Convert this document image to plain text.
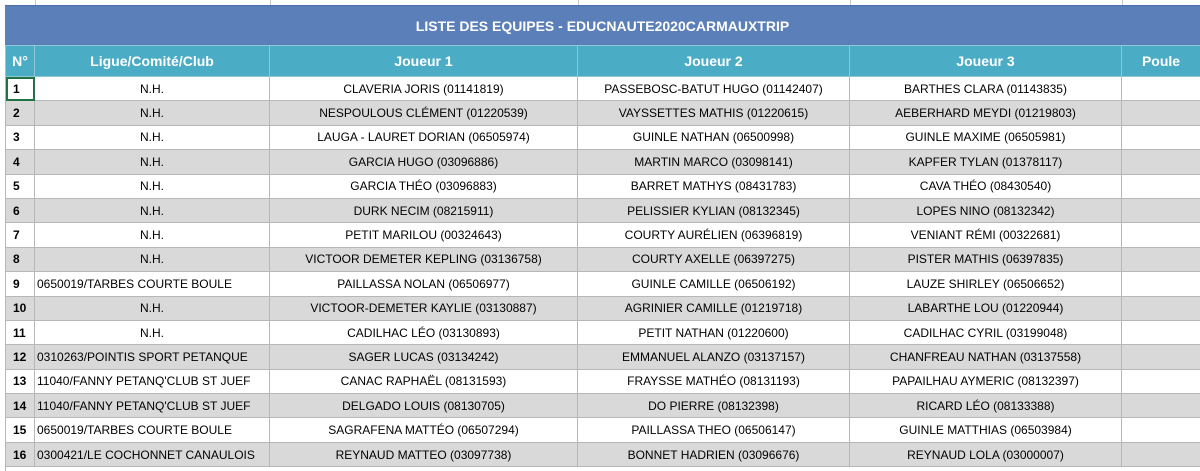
LISTE DES EQUIPES - EDUCNAUTE2020CARMAUXTRIP
N°	Ligue/Comité/Club	Joueur 1	Joueur 2	Joueur 3	Poule
1	N.H.	CLAVERIA JORIS (01141819)	PASSEBOSC-BATUT HUGO (01142407)	BARTHES CLARA (01143835)	
2	N.H.	NESPOULOUS CLÉMENT (01220539)	VAYSSETTES MATHIS (01220615)	AEBERHARD MEYDI (01219803)	
3	N.H.	LAUGA - LAURET DORIAN (06505974)	GUINLE NATHAN (06500998)	GUINLE MAXIME (06505981)	
4	N.H.	GARCIA HUGO (03096886)	MARTIN MARCO (03098141)	KAPFER TYLAN (01378117)	
5	N.H.	GARCIA THÉO (03096883)	BARRET MATHYS (08431783)	CAVA THÉO (08430540)	
6	N.H.	DURK NECIM (08215911)	PELISSIER KYLIAN (08132345)	LOPES NINO (08132342)	
7	N.H.	PETIT MARILOU (00324643)	COURTY AURÉLIEN (06396819)	VENIANT RÉMI (00322681)	
8	N.H.	VICTOOR DEMETER KEPLING (03136758)	COURTY AXELLE (06397275)	PISTER MATHIS (06397835)	
9	0650019/TARBES COURTE BOULE	PAILLASSA NOLAN (06506977)	GUINLE CAMILLE (06506192)	LAUZE SHIRLEY (06506652)	
10	N.H.	VICTOOR-DEMETER KAYLIE (03130887)	AGRINIER CAMILLE (01219718)	LABARTHE LOU (01220944)	
11	N.H.	CADILHAC LÉO (03130893)	PETIT NATHAN (01220600)	CADILHAC CYRIL (03199048)	
12	0310263/POINTIS SPORT PETANQUE	SAGER LUCAS (03134242)	EMMANUEL ALANZO (03137157)	CHANFREAU NATHAN (03137558)	
13	11040/FANNY PETANQ'CLUB ST JUEF	CANAC RAPHAËL (08131593)	FRAYSSE MATHÉO (08131193)	PAPAILHAU AYMERIC (08132397)	
14	11040/FANNY PETANQ'CLUB ST JUEF	DELGADO LOUIS (08130705)	DO PIERRE (08132398)	RICARD LÉO (08133388)	
15	0650019/TARBES COURTE BOULE	SAGRAFENA MATTÉO (06507294)	PAILLASSA THEO (06506147)	GUINLE MATTHIAS (06503984)	
16	0300421/LE COCHONNET CANAULOIS	REYNAUD MATTEO (03097738)	BONNET HADRIEN (03096676)	REYNAUD LOLA (03000007)	
